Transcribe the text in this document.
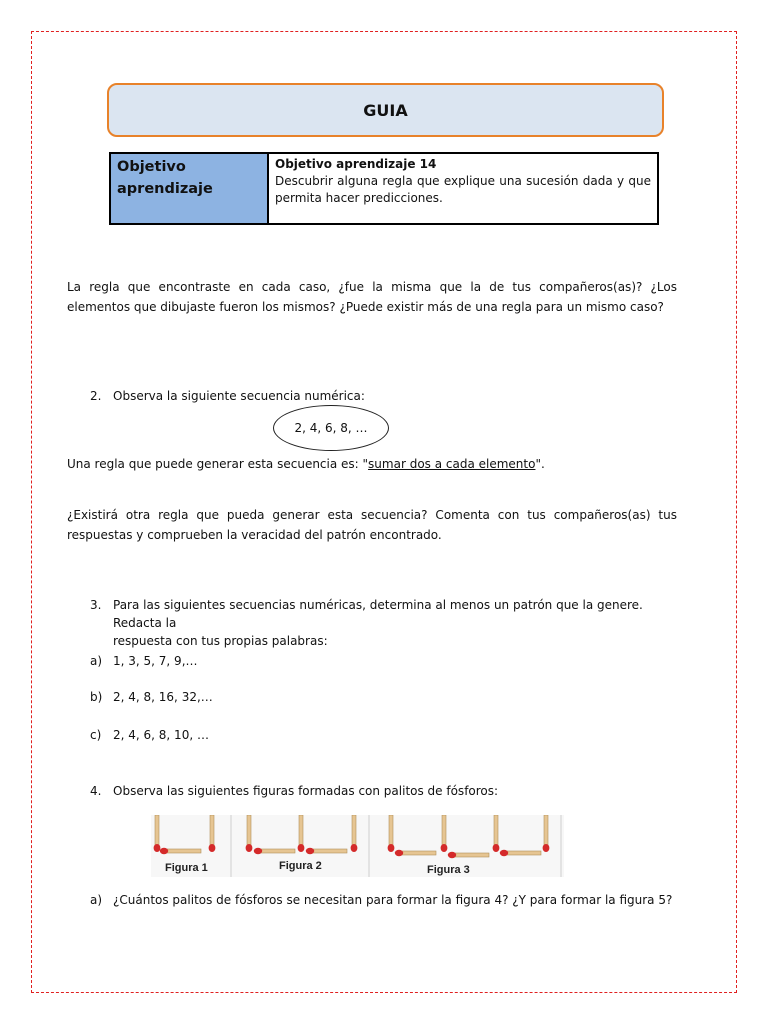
GUIA
Objetivo aprendizaje
Objetivo aprendizaje 14
Descubrir alguna regla que explique una sucesión dada y que permita hacer predicciones.
La regla que encontraste en cada caso, ¿fue la misma que la de tus compañeros(as)? ¿Los elementos que dibujaste fueron los mismos? ¿Puede existir más de una regla para un mismo caso?
2. Observa la siguiente secuencia numérica:
2, 4, 6, 8, …
Una regla que puede generar esta secuencia es: "sumar dos a cada elemento".
¿Existirá otra regla que pueda generar esta secuencia? Comenta con tus compañeros(as) tus respuestas y comprueben la veracidad del patrón encontrado.
3. Para las siguientes secuencias numéricas, determina al menos un patrón que la genere. Redacta la
respuesta con tus propias palabras:
a) 1, 3, 5, 7, 9,…
b) 2, 4, 8, 16, 32,…
c) 2, 4, 6, 8, 10, …
4. Observa las siguientes figuras formadas con palitos de fósforos:
Figura 1	Figura 2	Figura 3
a) ¿Cuántos palitos de fósforos se necesitan para formar la figura 4? ¿Y para formar la figura 5?
